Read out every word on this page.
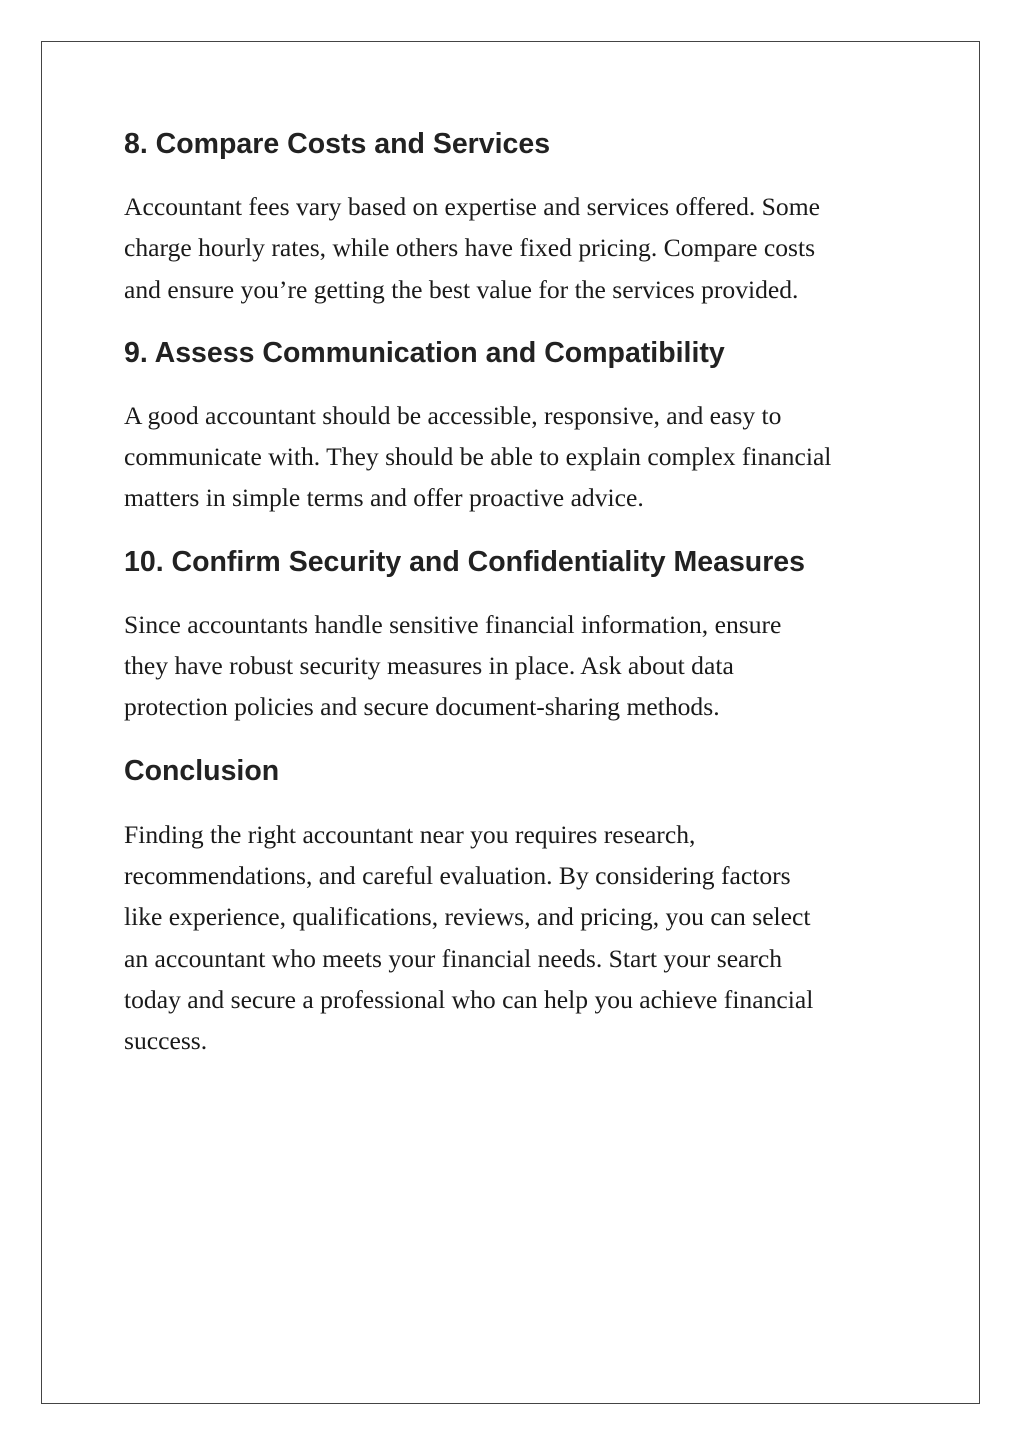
8. Compare Costs and Services

Accountant fees vary based on expertise and services offered. Some
charge hourly rates, while others have fixed pricing. Compare costs
and ensure you’re getting the best value for the services provided.

9. Assess Communication and Compatibility

A good accountant should be accessible, responsive, and easy to
communicate with. They should be able to explain complex financial
matters in simple terms and offer proactive advice.

10. Confirm Security and Confidentiality Measures

Since accountants handle sensitive financial information, ensure
they have robust security measures in place. Ask about data
protection policies and secure document-sharing methods.

Conclusion

Finding the right accountant near you requires research,
recommendations, and careful evaluation. By considering factors
like experience, qualifications, reviews, and pricing, you can select
an accountant who meets your financial needs. Start your search
today and secure a professional who can help you achieve financial
success.
